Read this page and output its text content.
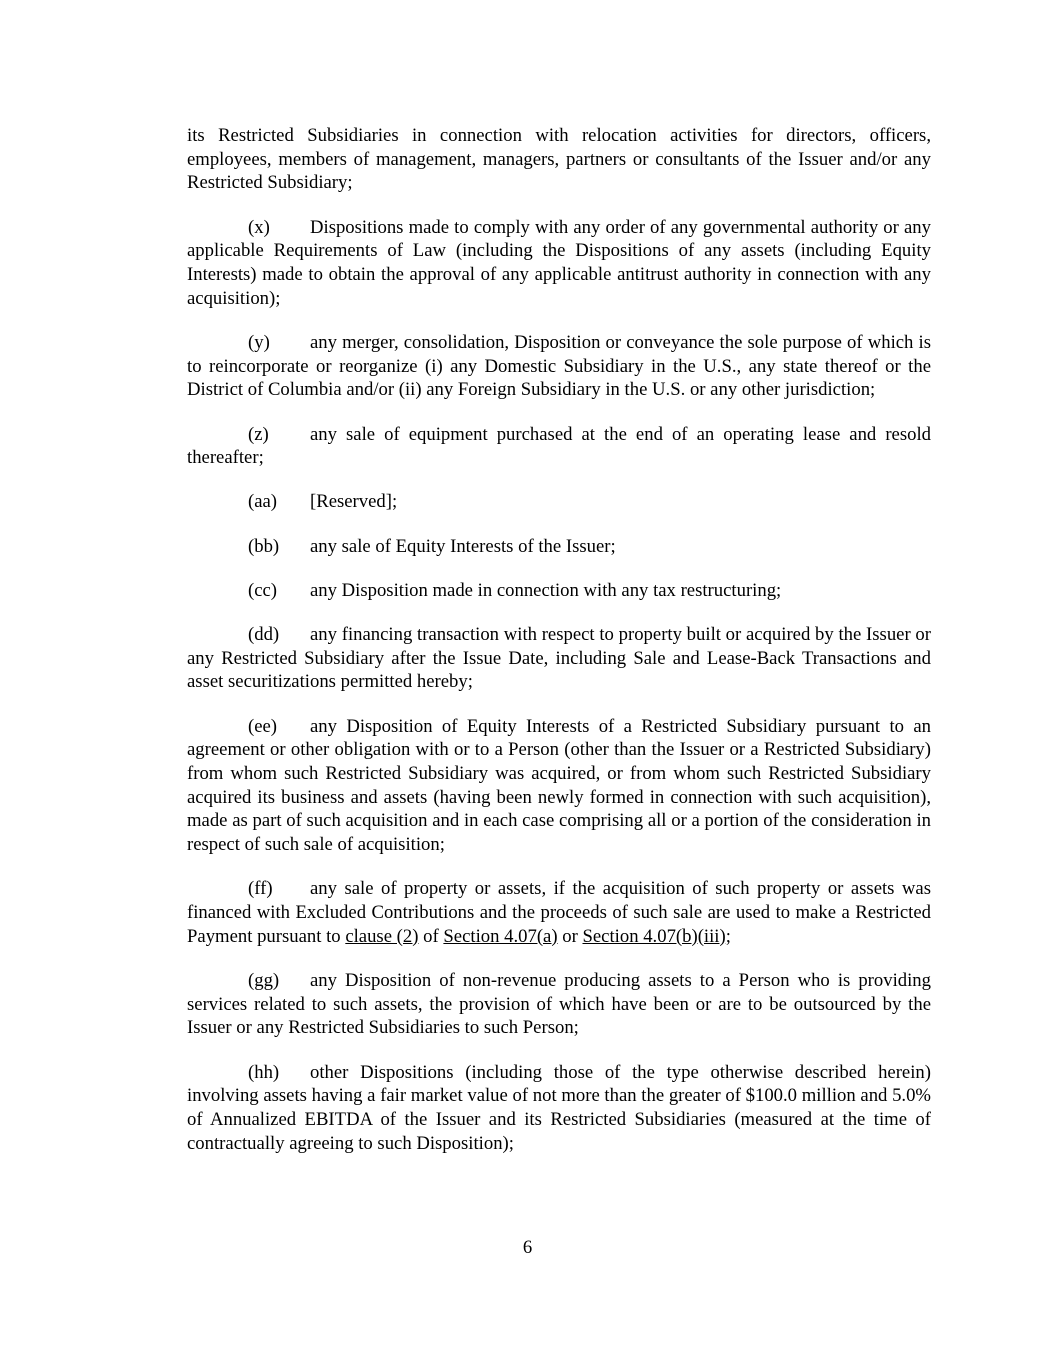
its Restricted Subsidiaries in connection with relocation activities for directors, officers, employees, members of management, managers, partners or consultants of the Issuer and/or any Restricted Subsidiary;

(x) Dispositions made to comply with any order of any governmental authority or any applicable Requirements of Law (including the Dispositions of any assets (including Equity Interests) made to obtain the approval of any applicable antitrust authority in connection with any acquisition);

(y) any merger, consolidation, Disposition or conveyance the sole purpose of which is to reincorporate or reorganize (i) any Domestic Subsidiary in the U.S., any state thereof or the District of Columbia and/or (ii) any Foreign Subsidiary in the U.S. or any other jurisdiction;

(z) any sale of equipment purchased at the end of an operating lease and resold thereafter;

(aa) [Reserved];

(bb) any sale of Equity Interests of the Issuer;

(cc) any Disposition made in connection with any tax restructuring;

(dd) any financing transaction with respect to property built or acquired by the Issuer or any Restricted Subsidiary after the Issue Date, including Sale and Lease-Back Transactions and asset securitizations permitted hereby;

(ee) any Disposition of Equity Interests of a Restricted Subsidiary pursuant to an agreement or other obligation with or to a Person (other than the Issuer or a Restricted Subsidiary) from whom such Restricted Subsidiary was acquired, or from whom such Restricted Subsidiary acquired its business and assets (having been newly formed in connection with such acquisition), made as part of such acquisition and in each case comprising all or a portion of the consideration in respect of such sale of acquisition;

(ff) any sale of property or assets, if the acquisition of such property or assets was financed with Excluded Contributions and the proceeds of such sale are used to make a Restricted Payment pursuant to clause (2) of Section 4.07(a) or Section 4.07(b)(iii);

(gg) any Disposition of non-revenue producing assets to a Person who is providing services related to such assets, the provision of which have been or are to be outsourced by the Issuer or any Restricted Subsidiaries to such Person;

(hh) other Dispositions (including those of the type otherwise described herein) involving assets having a fair market value of not more than the greater of $100.0 million and 5.0% of Annualized EBITDA of the Issuer and its Restricted Subsidiaries (measured at the time of contractually agreeing to such Disposition);

6
